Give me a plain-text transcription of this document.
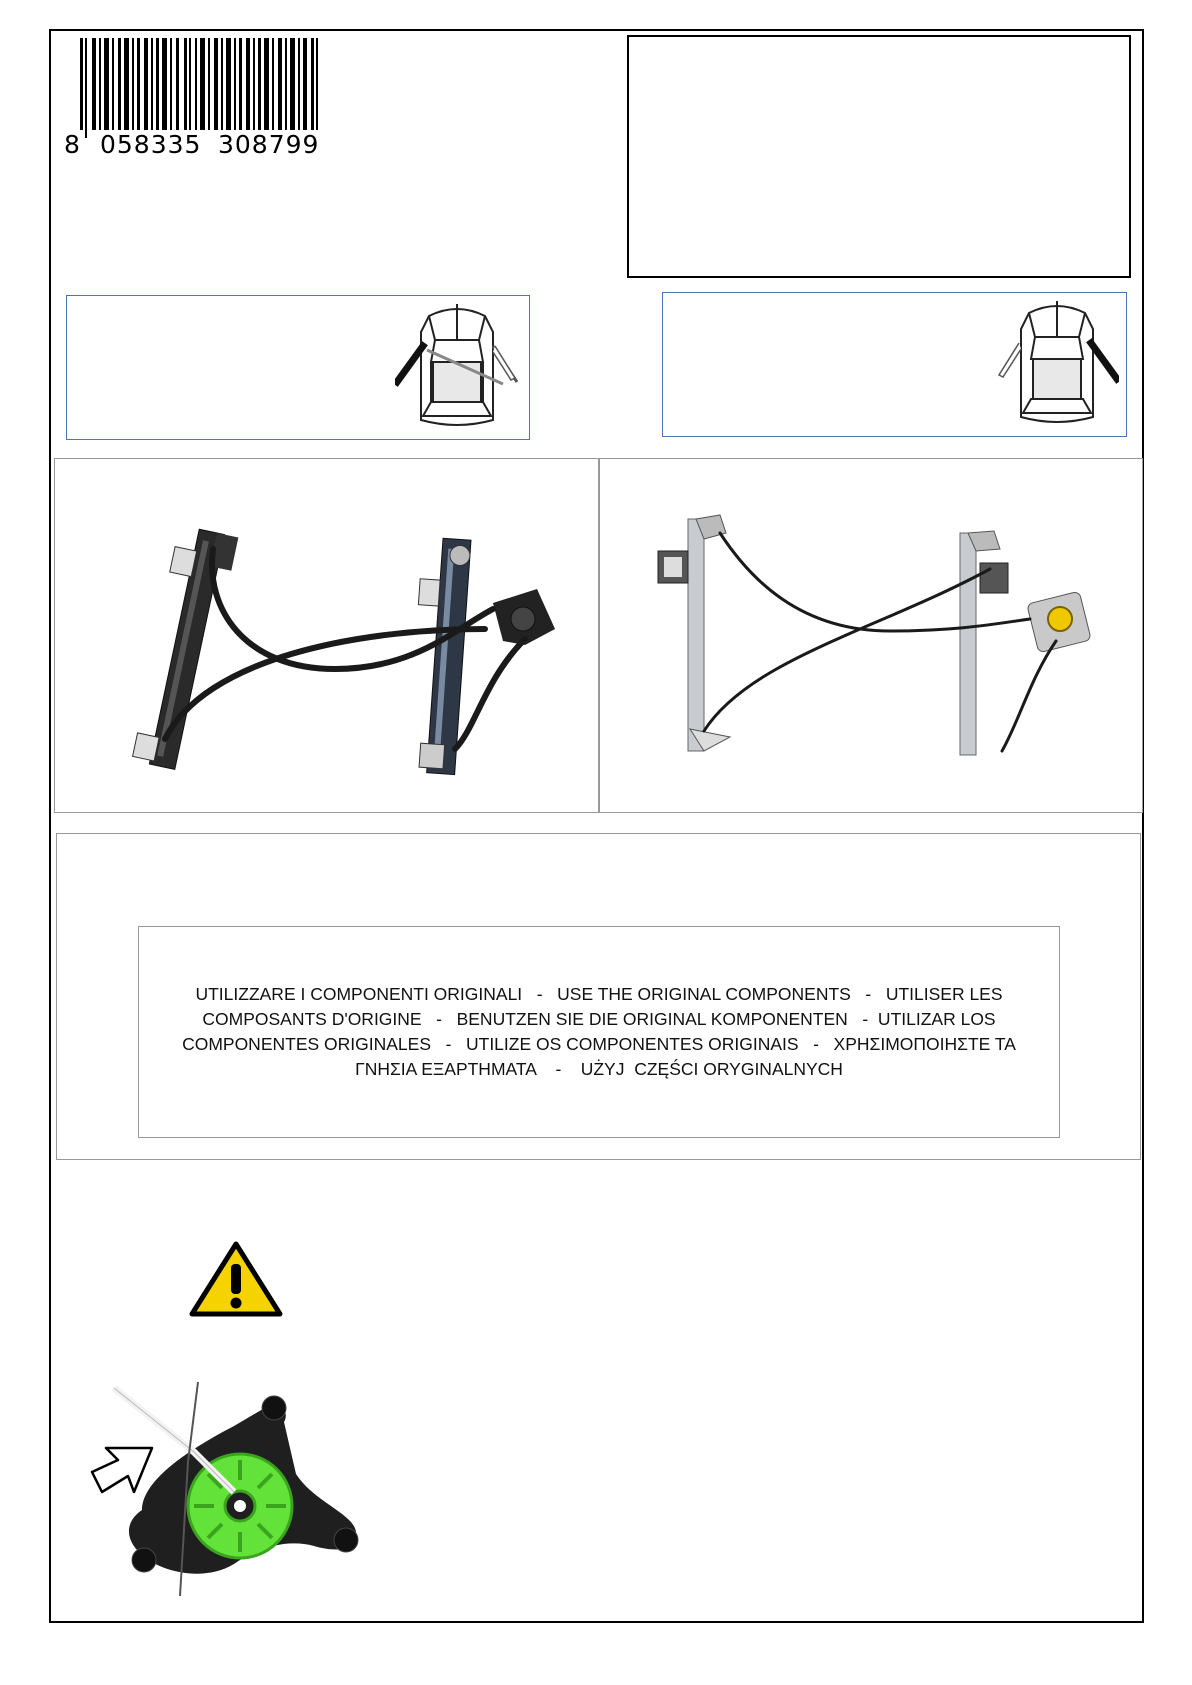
8 058335 308799
UTILIZZARE I COMPONENTI ORIGINALI   -   USE THE ORIGINAL COMPONENTS   -   UTILISER LES
COMPOSANTS D'ORIGINE   -   BENUTZEN SIE DIE ORIGINAL KOMPONENTEN   -  UTILIZAR LOS
COMPONENTES ORIGINALES   -   UTILIZE OS COMPONENTES ORIGINAIS   -   ΧΡΗΣΙΜΟΠΟΙΗΣΤΕ ΤΑ
ΓΝΗΣΙΑ ΕΞΑΡΤΗΜΑΤΑ    -    UŻYJ  CZĘŚCI ORYGINALNYCH
